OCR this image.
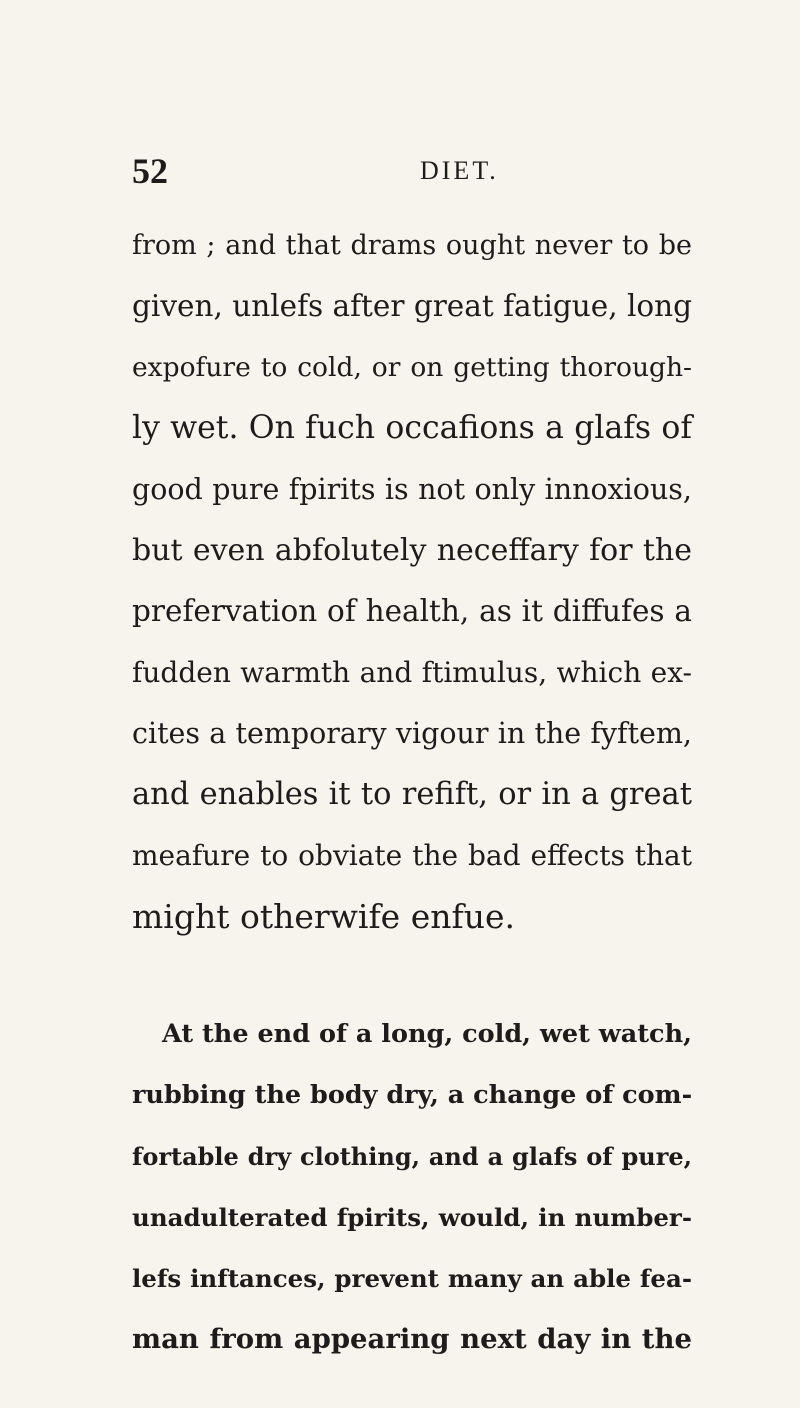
52	DIET.
from ; and that drams ought never to be
given, unlefs after great fatigue, long
expofure to cold, or on getting thorough-
ly wet. On fuch occafions a glafs of
good pure fpirits is not only innoxious,
but even abfolutely neceffary for the
prefervation of health, as it diffufes a
fudden warmth and ftimulus, which ex-
cites a temporary vigour in the fyftem,
and enables it to refift, or in a great
meafure to obviate the bad effects that
might otherwife enfue.
At the end of a long, cold, wet watch,
rubbing the body dry, a change of com-
fortable dry clothing, and a glafs of pure,
unadulterated fpirits, would, in number-
lefs inftances, prevent many an able fea-
man from appearing next day in the
